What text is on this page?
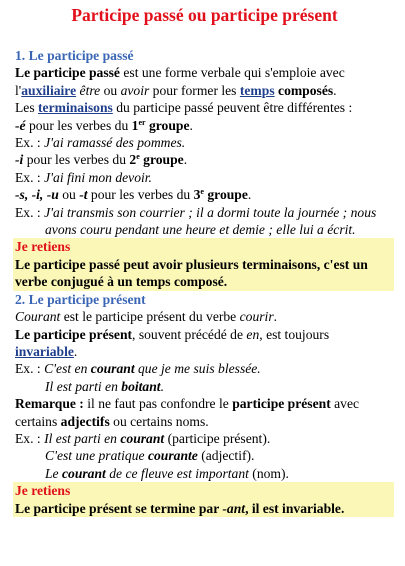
Participe passé ou participe présent
1. Le participe passé
Le participe passé est une forme verbale qui s'emploie avec l'auxiliaire être ou avoir pour former les temps composés.
Les terminaisons du participe passé peuvent être différentes :
-é pour les verbes du 1er groupe.
Ex. : J'ai ramassé des pommes.
-i pour les verbes du 2e groupe.
Ex. : J'ai fini mon devoir.
-s, -i, -u ou -t pour les verbes du 3e groupe.
Ex. : J'ai transmis son courrier ; il a dormi toute la journée ; nous avons couru pendant une heure et demie ; elle lui a écrit.
Je retiens
Le participe passé peut avoir plusieurs terminaisons, c'est un verbe conjugué à un temps composé.
2. Le participe présent
Courant est le participe présent du verbe courir.
Le participe présent, souvent précédé de en, est toujours invariable.
Ex. : C'est en courant que je me suis blessée.
Il est parti en boitant.
Remarque : il ne faut pas confondre le participe présent avec certains adjectifs ou certains noms.
Ex. : Il est parti en courant (participe présent).
C'est une pratique courante (adjectif).
Le courant de ce fleuve est important (nom).
Je retiens
Le participe présent se termine par -ant, il est invariable.
